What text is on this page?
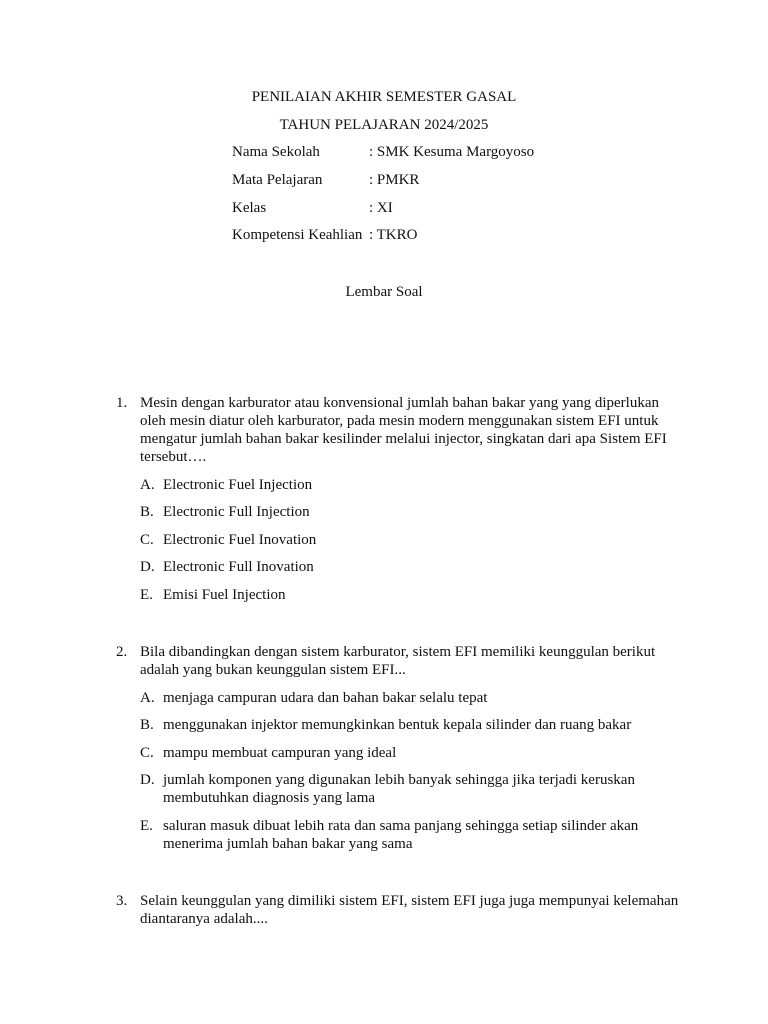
PENILAIAN AKHIR SEMESTER GASAL
TAHUN PELAJARAN 2024/2025
Nama Sekolah	: SMK Kesuma Margoyoso
Mata Pelajaran	: PMKR
Kelas	: XI
Kompetensi Keahlian : TKRO
Lembar Soal
1. Mesin dengan karburator atau konvensional jumlah bahan bakar yang yang diperlukan oleh mesin diatur oleh karburator, pada mesin modern menggunakan sistem EFI untuk mengatur jumlah bahan bakar kesilinder melalui injector, singkatan dari apa Sistem EFI tersebut….
A. Electronic Fuel Injection
B. Electronic Full Injection
C. Electronic Fuel Inovation
D. Electronic Full Inovation
E. Emisi Fuel Injection
2. Bila dibandingkan dengan sistem karburator, sistem EFI memiliki keunggulan berikut adalah yang bukan keunggulan sistem EFI...
A. menjaga campuran udara dan bahan bakar selalu tepat
B. menggunakan injektor memungkinkan bentuk kepala silinder dan ruang bakar
C. mampu membuat campuran yang ideal
D. jumlah komponen yang digunakan lebih banyak sehingga jika terjadi keruskan membutuhkan diagnosis yang lama
E. saluran masuk dibuat lebih rata dan sama panjang sehingga setiap silinder akan menerima jumlah bahan bakar yang sama
3. Selain keunggulan yang dimiliki sistem EFI, sistem EFI juga juga mempunyai kelemahan diantaranya adalah....
